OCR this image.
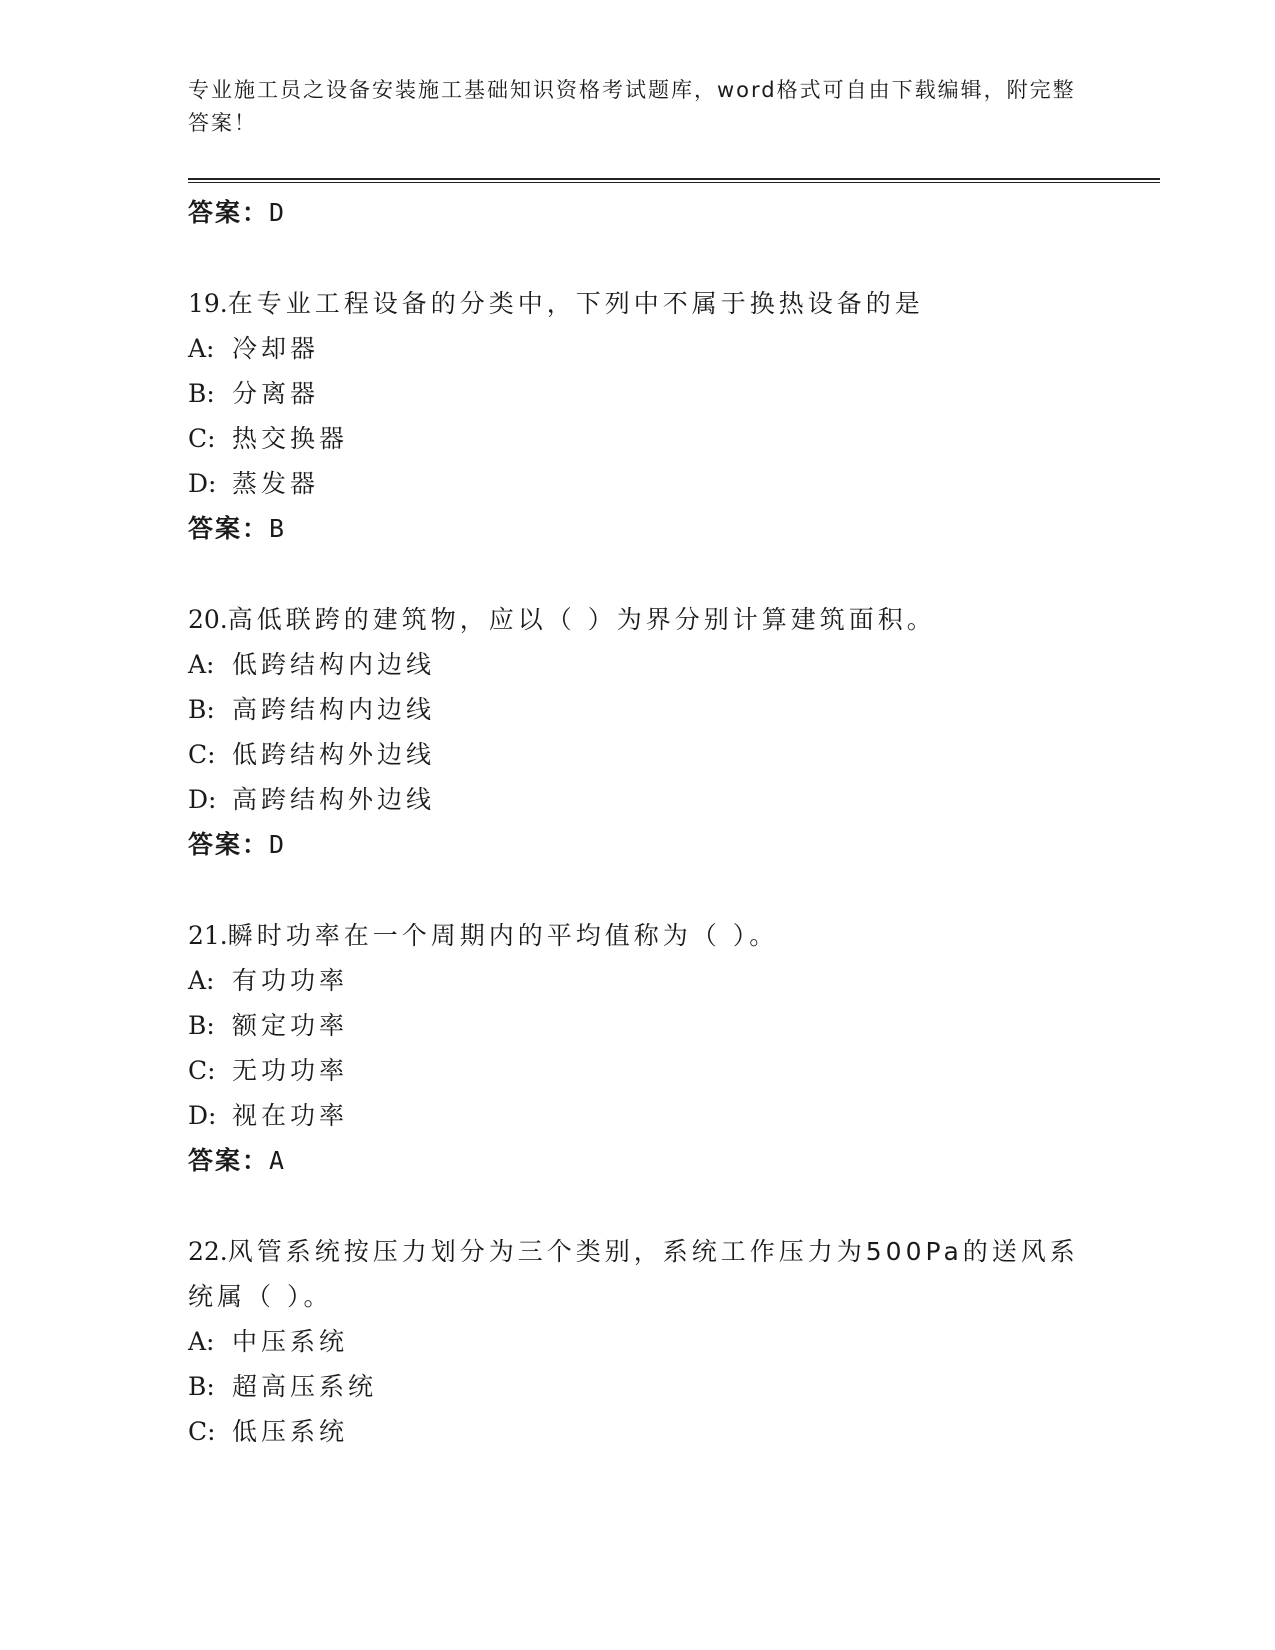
专业施工员之设备安装施工基础知识资格考试题库，word格式可自由下载编辑，附完整答案！
答案：D
19.在专业工程设备的分类中，下列中不属于换热设备的是
A: 冷却器
B: 分离器
C: 热交换器
D: 蒸发器
答案：B
20.高低联跨的建筑物，应以（ ）为界分别计算建筑面积。
A: 低跨结构内边线
B: 高跨结构内边线
C: 低跨结构外边线
D: 高跨结构外边线
答案：D
21.瞬时功率在一个周期内的平均值称为（ ）。
A: 有功功率
B: 额定功率
C: 无功功率
D: 视在功率
答案：A
22.风管系统按压力划分为三个类别，系统工作压力为500Pa的送风系统属（ ）。
A: 中压系统
B: 超高压系统
C: 低压系统
